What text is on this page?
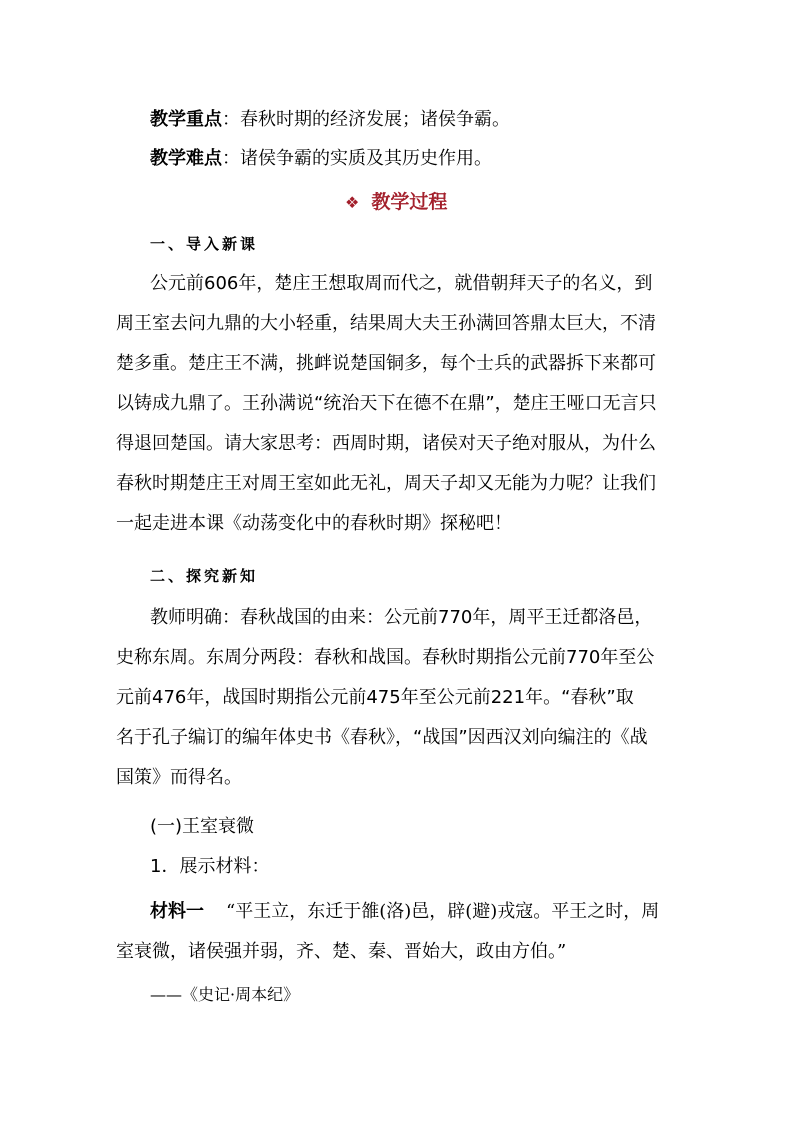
教学重点：春秋时期的经济发展；诸侯争霸。
教学难点：诸侯争霸的实质及其历史作用。
❖ 教学过程
一、导入新课
公元前606年，楚庄王想取周而代之，就借朝拜天子的名义，到
周王室去问九鼎的大小轻重，结果周大夫王孙满回答鼎太巨大，不清
楚多重。楚庄王不满，挑衅说楚国铜多，每个士兵的武器拆下来都可
以铸成九鼎了。王孙满说“统治天下在德不在鼎”，楚庄王哑口无言只
得退回楚国。请大家思考：西周时期，诸侯对天子绝对服从，为什么
春秋时期楚庄王对周王室如此无礼，周天子却又无能为力呢？让我们
一起走进本课《动荡变化中的春秋时期》探秘吧！
二、探究新知
教师明确：春秋战国的由来：公元前770年，周平王迁都洛邑，
史称东周。东周分两段：春秋和战国。春秋时期指公元前770年至公
元前476年，战国时期指公元前475年至公元前221年。“春秋”取
名于孔子编订的编年体史书《春秋》，“战国”因西汉刘向编注的《战
国策》而得名。
(一)王室衰微
1．展示材料：
材料一 “平王立，东迁于雒(洛)邑，辟(避)戎寇。平王之时，周
室衰微，诸侯强并弱，齐、楚、秦、晋始大，政由方伯。”
——《史记·周本纪》
